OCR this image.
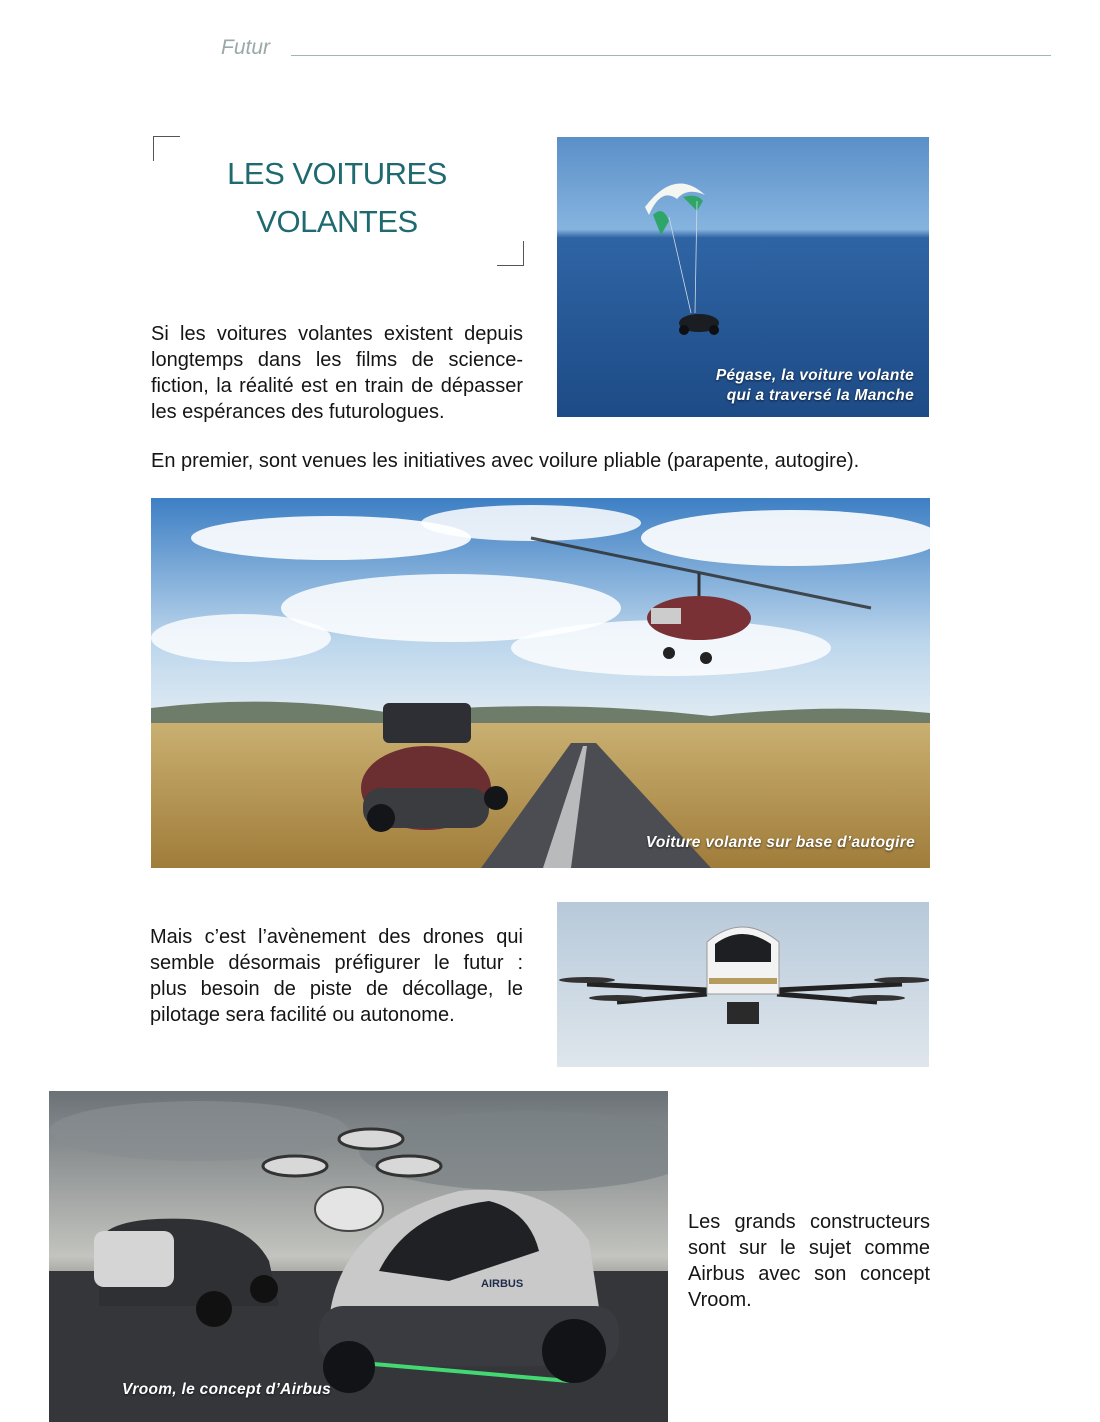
Futur
LES VOITURES
VOLANTES

Si les voitures volantes existent depuis longtemps dans les films de science-fiction, la réalité est en train de dépasser les espérances des futurologues.

Pégase, la voiture volante
qui a traversé la Manche

En premier, sont venues les initiatives avec voilure pliable (parapente, autogire).

Voiture volante sur base d’autogire

Mais c’est l’avènement des drones qui semble désormais préfigurer le futur : plus besoin de piste de décollage, le pilotage sera facilité ou autonome.

AIRBUS
Vroom, le concept d’Airbus

Les grands constructeurs sont sur le sujet comme Airbus avec son concept Vroom.
